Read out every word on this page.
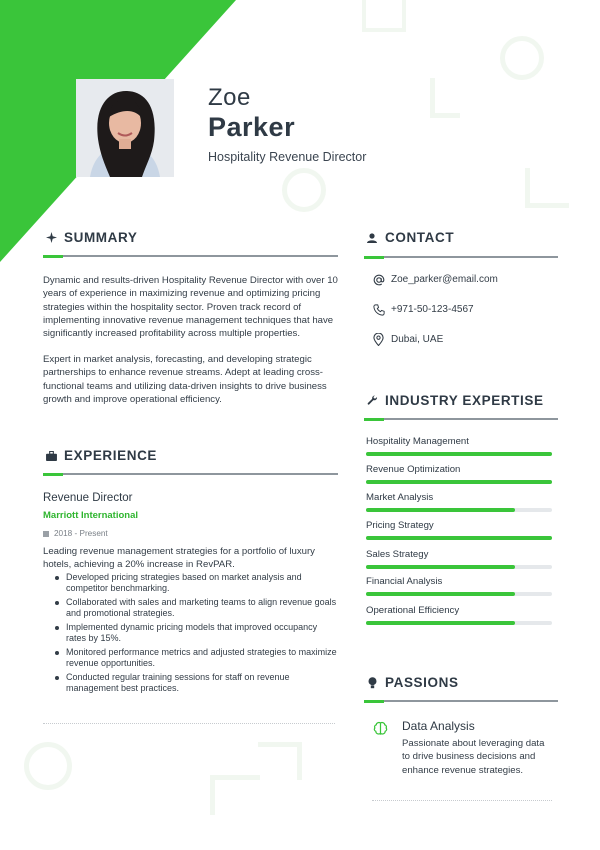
Zoe
Parker
Hospitality Revenue Director
SUMMARY
Dynamic and results-driven Hospitality Revenue Director with over 10 years of experience in maximizing revenue and optimizing pricing strategies within the hospitality sector. Proven track record of implementing innovative revenue management techniques that have significantly increased profitability across multiple properties.
Expert in market analysis, forecasting, and developing strategic partnerships to enhance revenue streams. Adept at leading cross-functional teams and utilizing data-driven insights to drive business growth and improve operational efficiency.
EXPERIENCE
Revenue Director
Marriott International
2018 - Present
Leading revenue management strategies for a portfolio of luxury hotels, achieving a 20% increase in RevPAR.
Developed pricing strategies based on market analysis and competitor benchmarking.
Collaborated with sales and marketing teams to align revenue goals and promotional strategies.
Implemented dynamic pricing models that improved occupancy rates by 15%.
Monitored performance metrics and adjusted strategies to maximize revenue opportunities.
Conducted regular training sessions for staff on revenue management best practices.
CONTACT
Zoe_parker@email.com
+971-50-123-4567
Dubai, UAE
INDUSTRY EXPERTISE
Hospitality Management
Revenue Optimization
Market Analysis
Pricing Strategy
Sales Strategy
Financial Analysis
Operational Efficiency
PASSIONS
Data Analysis
Passionate about leveraging data to drive business decisions and enhance revenue strategies.
